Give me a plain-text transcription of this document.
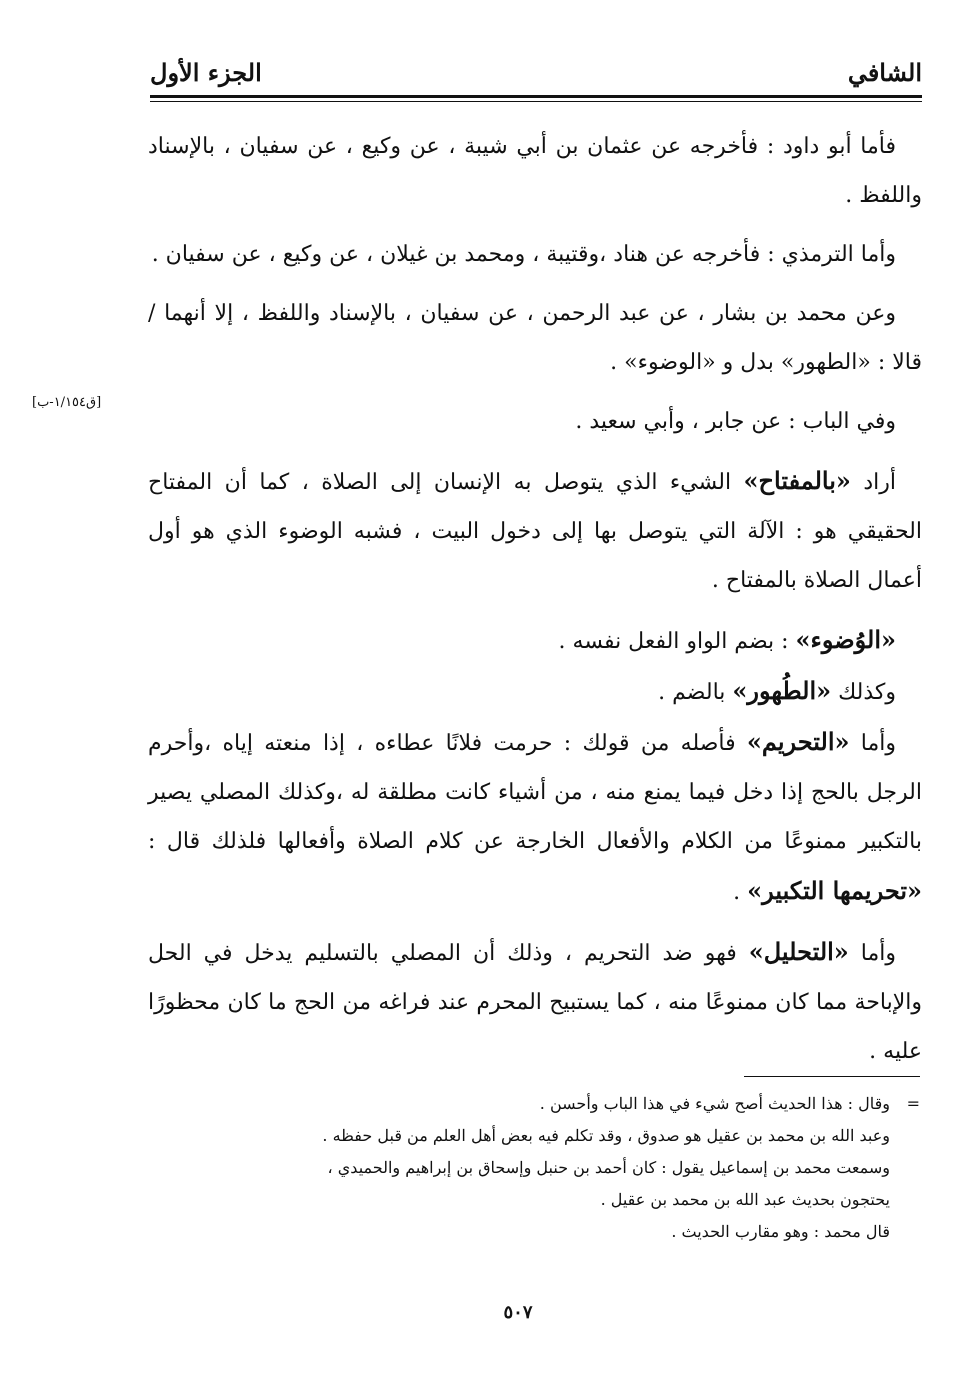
الشافي
الجزء الأول
[ق١/١٥٤-ب]

فأما أبو داود : فأخرجه عن عثمان بن أبي شيبة ، عن وكيع ، عن سفيان ، بالإسناد واللفظ .

وأما الترمذي : فأخرجه عن هناد ،وقتيبة ، ومحمد بن غيلان ، عن وكيع ، عن سفيان .

وعن محمد بن بشار ، عن عبد الرحمن ، عن سفيان ، بالإسناد واللفظ ، إلا أنهما / قالا : «الطهور» بدل و «الوضوء» .

وفي الباب : عن جابر ، وأبي سعيد .

أراد «بالمفتاح» الشيء الذي يتوصل به الإنسان إلى الصلاة ، كما أن المفتاح الحقيقي هو : الآلة التي يتوصل بها إلى دخول البيت ، فشبه الوضوء الذي هو أول أعمال الصلاة بالمفتاح .

«الوُضوء» : بضم الواو الفعل نفسه .

وكذلك «الطُهور» بالضم .

وأما «التحريم» فأصله من قولك : حرمت فلانًا عطاءه ، إذا منعته إياه ،وأحرم الرجل بالحج إذا دخل فيما يمنع منه ، من أشياء كانت مطلقة له ،وكذلك المصلي يصير بالتكبير ممنوعًا من الكلام والأفعال الخارجة عن كلام الصلاة وأفعالها فلذلك قال : «تحريمها التكبير» .

وأما «التحليل» فهو ضد التحريم ، وذلك أن المصلي بالتسليم يدخل في الحل والإباحة مما كان ممنوعًا منه ، كما يستبيح المحرم عند فراغه من الحج ما كان محظورًا عليه .

=وقال : هذا الحديث أصح شيء في هذا الباب وأحسن .
وعبد الله بن محمد بن عقيل هو صدوق ، وقد تكلم فيه بعض أهل العلم من قبل حفظه .
وسمعت محمد بن إسماعيل يقول : كان أحمد بن حنبل وإسحاق بن إبراهيم والحميدي ،
يحتجون بحديث عبد الله بن محمد بن عقيل .
قال محمد : وهو مقارب الحديث .
٥٠٧
